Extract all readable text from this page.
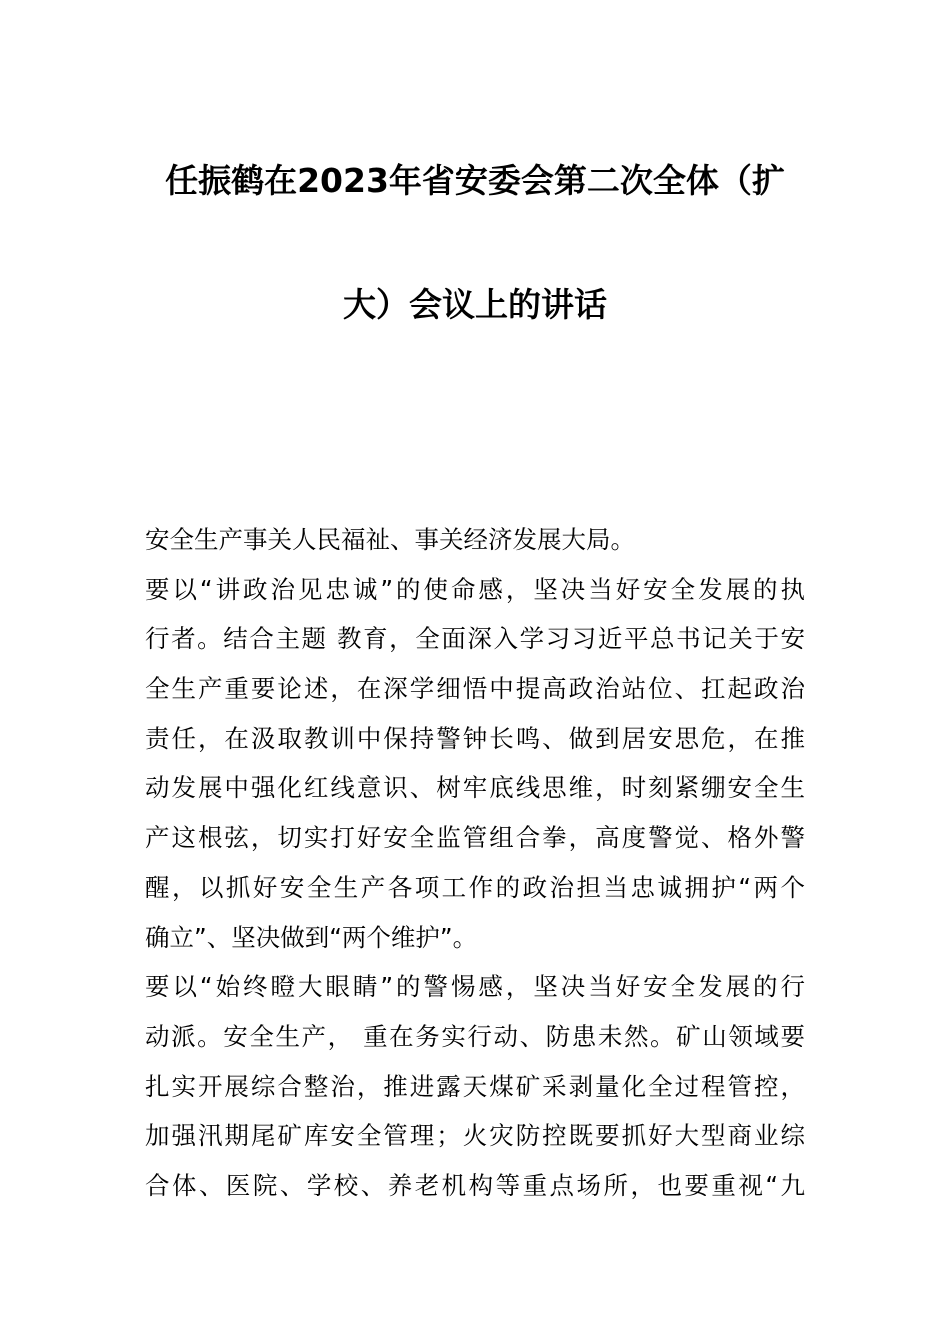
任振鹤在2023年省安委会第二次全体（扩
大）会议上的讲话
安全生产事关人民福祉、事关经济发展大局。
要以“讲政治见忠诚”的使命感，坚决当好安全发展的执
行者。结合主题 教育，全面深入学习习近平总书记关于安
全生产重要论述，在深学细悟中提高政治站位、扛起政治
责任，在汲取教训中保持警钟长鸣、做到居安思危，在推
动发展中强化红线意识、树牢底线思维，时刻紧绷安全生
产这根弦，切实打好安全监管组合拳，高度警觉、格外警
醒，以抓好安全生产各项工作的政治担当忠诚拥护“两个
确立”、坚决做到“两个维护”。
要以“始终瞪大眼睛”的警惕感，坚决当好安全发展的行
动派。安全生产， 重在务实行动、防患未然。矿山领域要
扎实开展综合整治，推进露天煤矿采剥量化全过程管控，
加强汛期尾矿库安全管理；火灾防控既要抓好大型商业综
合体、医院、学校、养老机构等重点场所，也要重视“九
